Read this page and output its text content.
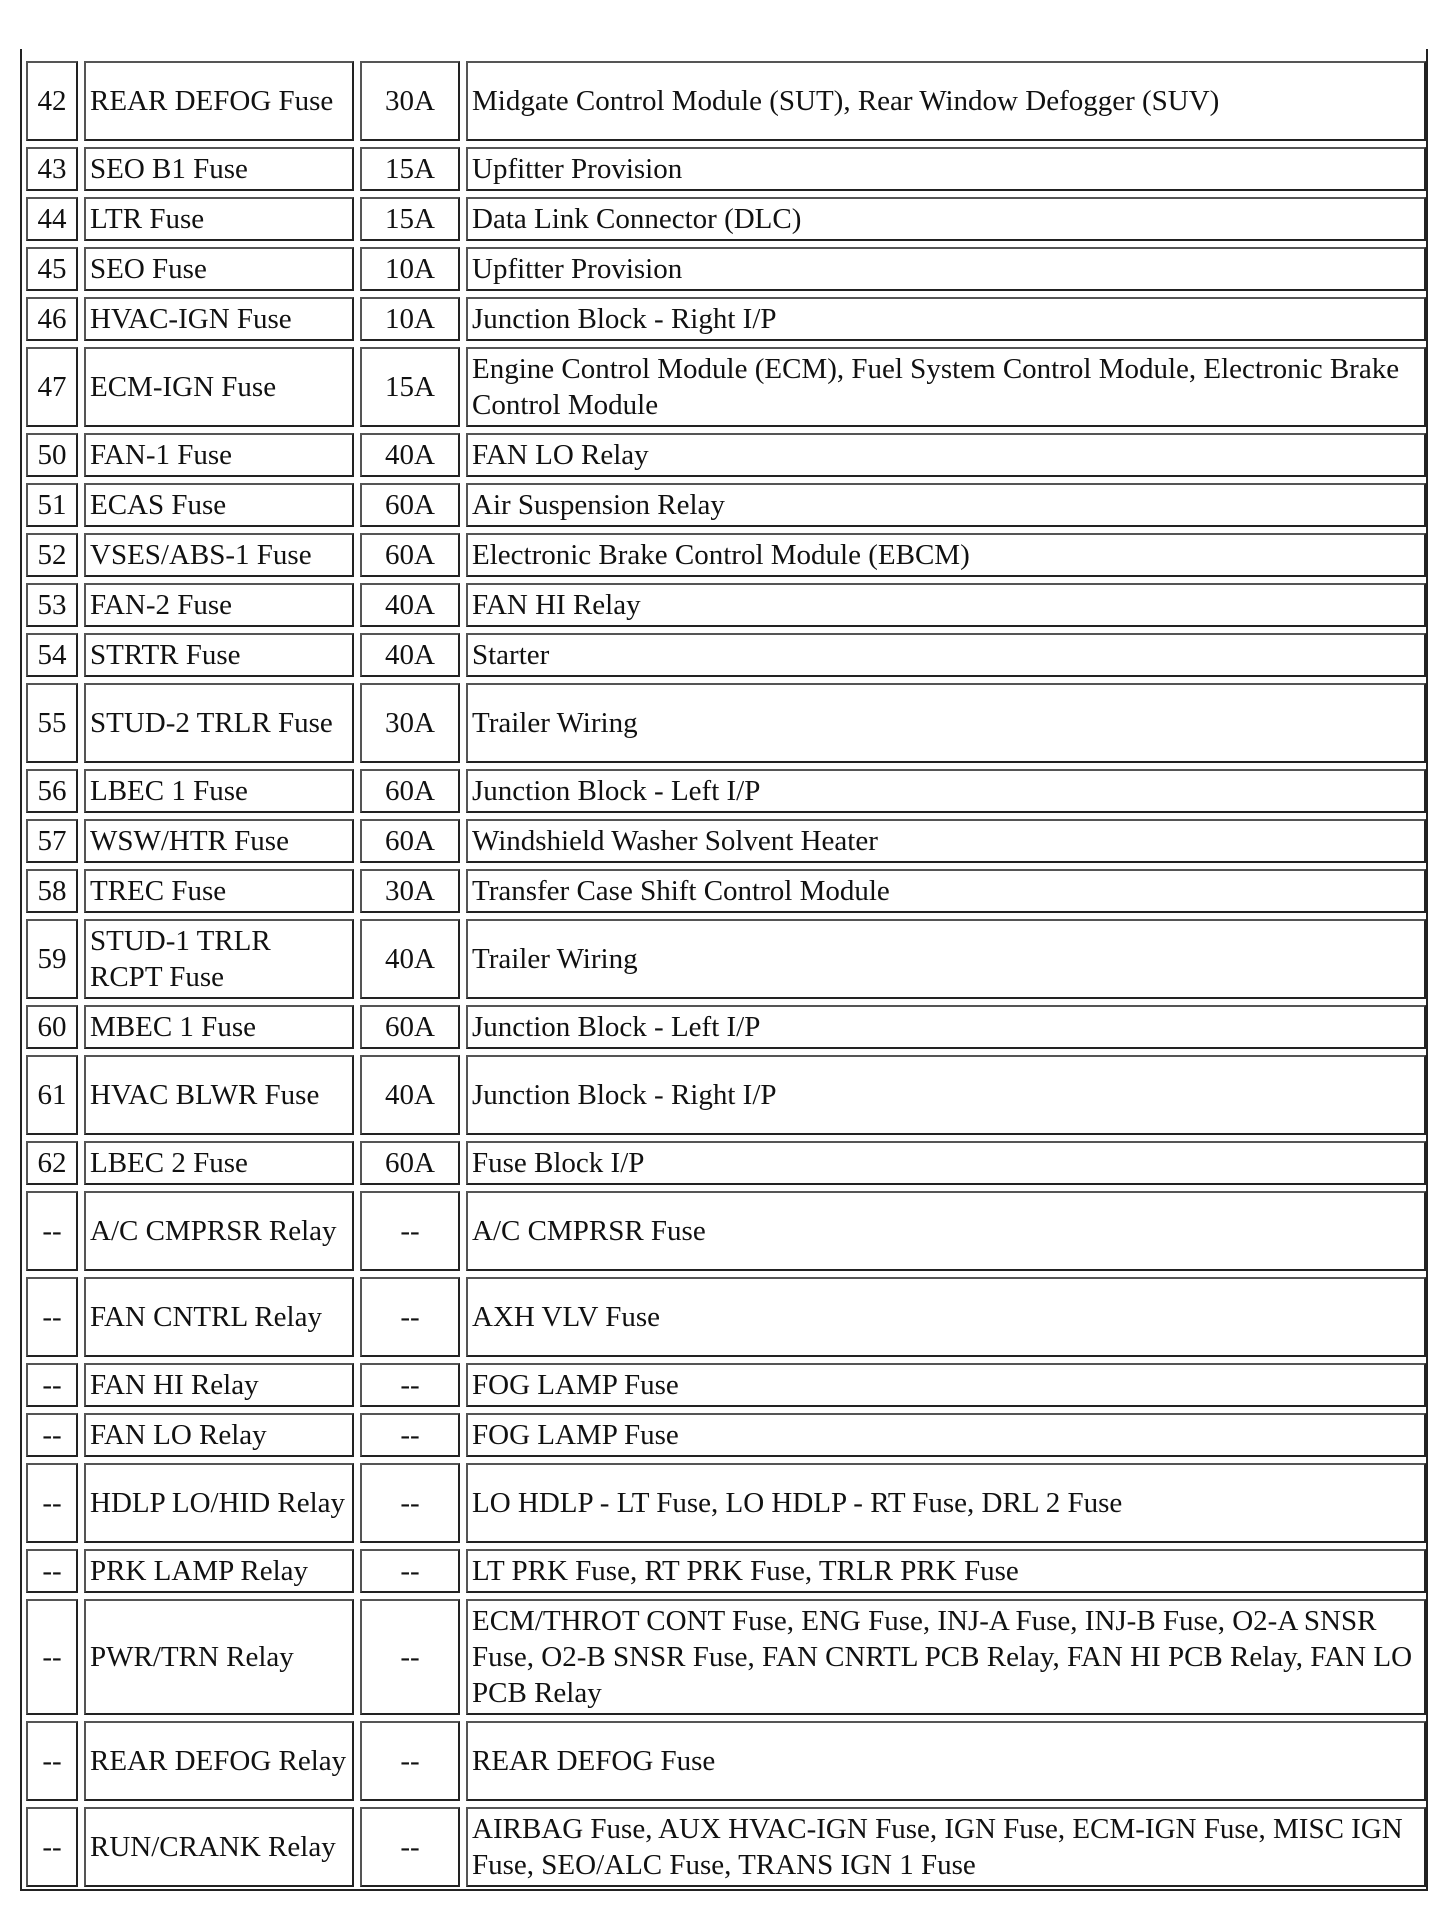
42	REAR DEFOG Fuse	30A	Midgate Control Module (SUT), Rear Window Defogger (SUV)
43	SEO B1 Fuse	15A	Upfitter Provision
44	LTR Fuse	15A	Data Link Connector (DLC)
45	SEO Fuse	10A	Upfitter Provision
46	HVAC-IGN Fuse	10A	Junction Block - Right I/P
47	ECM-IGN Fuse	15A	Engine Control Module (ECM), Fuel System Control Module, Electronic Brake Control Module
50	FAN-1 Fuse	40A	FAN LO Relay
51	ECAS Fuse	60A	Air Suspension Relay
52	VSES/ABS-1 Fuse	60A	Electronic Brake Control Module (EBCM)
53	FAN-2 Fuse	40A	FAN HI Relay
54	STRTR Fuse	40A	Starter
55	STUD-2 TRLR Fuse	30A	Trailer Wiring
56	LBEC 1 Fuse	60A	Junction Block - Left I/P
57	WSW/HTR Fuse	60A	Windshield Washer Solvent Heater
58	TREC Fuse	30A	Transfer Case Shift Control Module
59	STUD-1 TRLR RCPT Fuse	40A	Trailer Wiring
60	MBEC 1 Fuse	60A	Junction Block - Left I/P
61	HVAC BLWR Fuse	40A	Junction Block - Right I/P
62	LBEC 2 Fuse	60A	Fuse Block I/P
--	A/C CMPRSR Relay	--	A/C CMPRSR Fuse
--	FAN CNTRL Relay	--	AXH VLV Fuse
--	FAN HI Relay	--	FOG LAMP Fuse
--	FAN LO Relay	--	FOG LAMP Fuse
--	HDLP LO/HID Relay	--	LO HDLP - LT Fuse, LO HDLP - RT Fuse, DRL 2 Fuse
--	PRK LAMP Relay	--	LT PRK Fuse, RT PRK Fuse, TRLR PRK Fuse
--	PWR/TRN Relay	--	ECM/THROT CONT Fuse, ENG Fuse, INJ-A Fuse, INJ-B Fuse, O2-A SNSR Fuse, O2-B SNSR Fuse, FAN CNRTL PCB Relay, FAN HI PCB Relay, FAN LO PCB Relay
--	REAR DEFOG Relay	--	REAR DEFOG Fuse
--	RUN/CRANK Relay	--	AIRBAG Fuse, AUX HVAC-IGN Fuse, IGN Fuse, ECM-IGN Fuse, MISC IGN Fuse, SEO/ALC Fuse, TRANS IGN 1 Fuse
